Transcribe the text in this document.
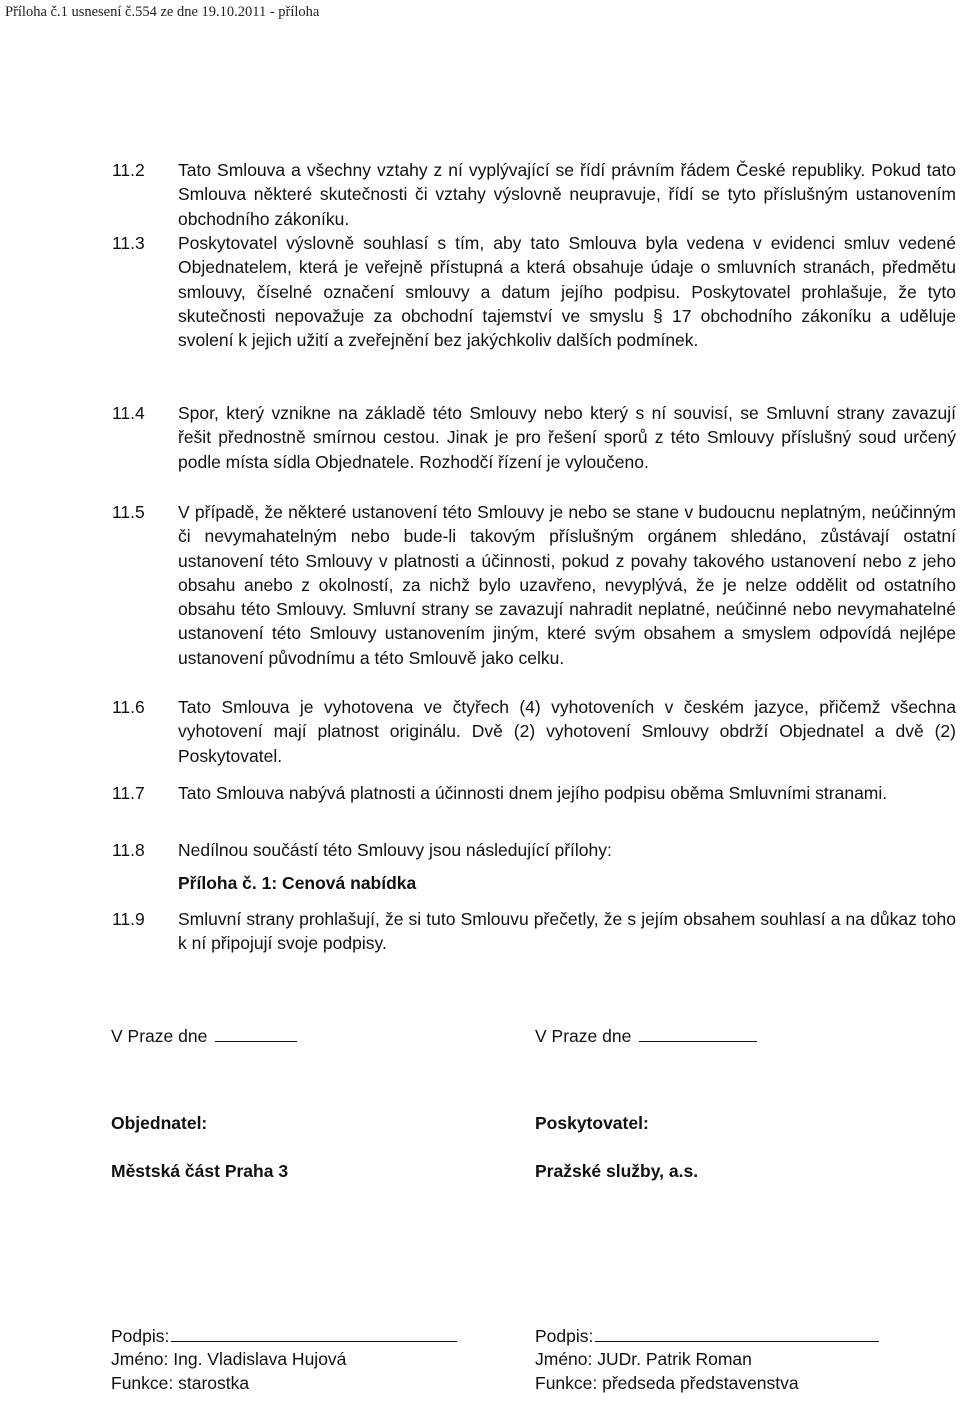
Příloha č.1 usnesení č.554 ze dne 19.10.2011 - příloha
11.2 Tato Smlouva a všechny vztahy z ní vyplývající se řídí právním řádem České republiky. Pokud tato Smlouva některé skutečnosti či vztahy výslovně neupravuje, řídí se tyto příslušným ustanovením obchodního zákoníku.

11.3 Poskytovatel výslovně souhlasí s tím, aby tato Smlouva byla vedena v evidenci smluv vedené Objednatelem, která je veřejně přístupná a která obsahuje údaje o smluvních stranách, předmětu smlouvy, číselné označení smlouvy a datum jejího podpisu. Poskytovatel prohlašuje, že tyto skutečnosti nepovažuje za obchodní tajemství ve smyslu § 17 obchodního zákoníku a uděluje svolení k jejich užití a zveřejnění bez jakýchkoliv dalších podmínek.

11.4 Spor, který vznikne na základě této Smlouvy nebo který s ní souvisí, se Smluvní strany zavazují řešit přednostně smírnou cestou. Jinak je pro řešení sporů z této Smlouvy příslušný soud určený podle místa sídla Objednatele. Rozhodčí řízení je vyloučeno.

11.5 V případě, že některé ustanovení této Smlouvy je nebo se stane v budoucnu neplatným, neúčinným či nevymahatelným nebo bude-li takovým příslušným orgánem shledáno, zůstávají ostatní ustanovení této Smlouvy v platnosti a účinnosti, pokud z povahy takového ustanovení nebo z jeho obsahu anebo z okolností, za nichž bylo uzavřeno, nevyplývá, že je nelze oddělit od ostatního obsahu této Smlouvy. Smluvní strany se zavazují nahradit neplatné, neúčinné nebo nevymahatelné ustanovení této Smlouvy ustanovením jiným, které svým obsahem a smyslem odpovídá nejlépe ustanovení původnímu a této Smlouvě jako celku.

11.6 Tato Smlouva je vyhotovena ve čtyřech (4) vyhotoveních v českém jazyce, přičemž všechna vyhotovení mají platnost originálu. Dvě (2) vyhotovení Smlouvy obdrží Objednatel a dvě (2) Poskytovatel.

11.7 Tato Smlouva nabývá platnosti a účinnosti dnem jejího podpisu oběma Smluvními stranami.

11.8 Nedílnou součástí této Smlouvy jsou následující přílohy:

11.9 Smluvní strany prohlašují, že si tuto Smlouvu přečetly, že s jejím obsahem souhlasí a na důkaz toho k ní připojují svoje podpisy.

Příloha č. 1: Cenová nabídka
V Praze dne
Objednatel:
Městská část Praha 3
Podpis:
Jméno: Ing. Vladislava Hujová
Funkce: starostka
V Praze dne
Poskytovatel:
Pražské služby, a.s.
Podpis:
Jméno: JUDr. Patrik Roman
Funkce: předseda představenstva
